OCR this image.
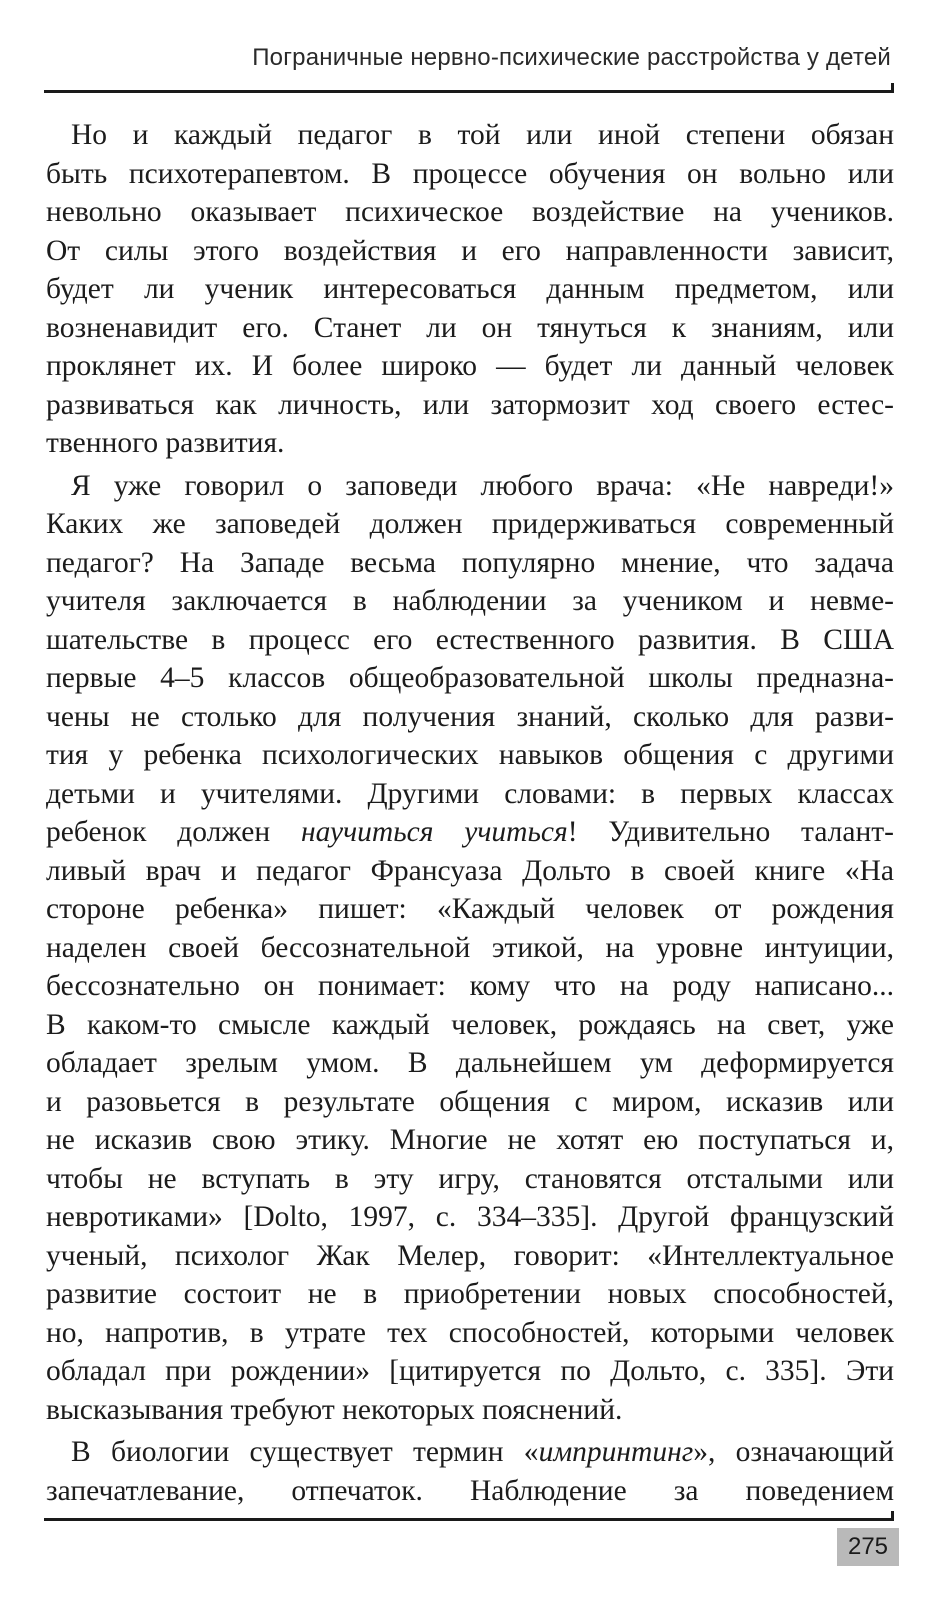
Пограничные нервно-психические расстройства у детей
Но и каждый педагог в той или иной степени обязан
быть психотерапевтом. В процессе обучения он вольно или
невольно оказывает психическое воздействие на учеников.
От силы этого воздействия и его направленности зависит,
будет ли ученик интересоваться данным предметом, или
возненавидит его. Станет ли он тянуться к знаниям, или
проклянет их. И более широко — будет ли данный человек
развиваться как личность, или затормозит ход своего естес-
твенного развития.
Я уже говорил о заповеди любого врача: «Не навреди!»
Каких же заповедей должен придерживаться современный
педагог? На Западе весьма популярно мнение, что задача
учителя заключается в наблюдении за учеником и невме-
шательстве в процесс его естественного развития. В США
первые 4–5 классов общеобразовательной школы предназна-
чены не столько для получения знаний, сколько для разви-
тия у ребенка психологических навыков общения с другими
детьми и учителями. Другими словами: в первых классах
ребенок должен научиться учиться! Удивительно талант-
ливый врач и педагог Франсуаза Дольто в своей книге «На
стороне ребенка» пишет: «Каждый человек от рождения
наделен своей бессознательной этикой, на уровне интуиции,
бессознательно он понимает: кому что на роду написано...
В каком-то смысле каждый человек, рождаясь на свет, уже
обладает зрелым умом. В дальнейшем ум деформируется
и разовьется в результате общения с миром, исказив или
не исказив свою этику. Многие не хотят ею поступаться и,
чтобы не вступать в эту игру, становятся отсталыми или
невротиками» [Dolto, 1997, с. 334–335]. Другой французский
ученый, психолог Жак Мелер, говорит: «Интеллектуальное
развитие состоит не в приобретении новых способностей,
но, напротив, в утрате тех способностей, которыми человек
обладал при рождении» [цитируется по Дольто, с. 335]. Эти
высказывания требуют некоторых пояснений.
В биологии существует термин «импринтинг», означающий
запечатлевание, отпечаток. Наблюдение за поведением
275
